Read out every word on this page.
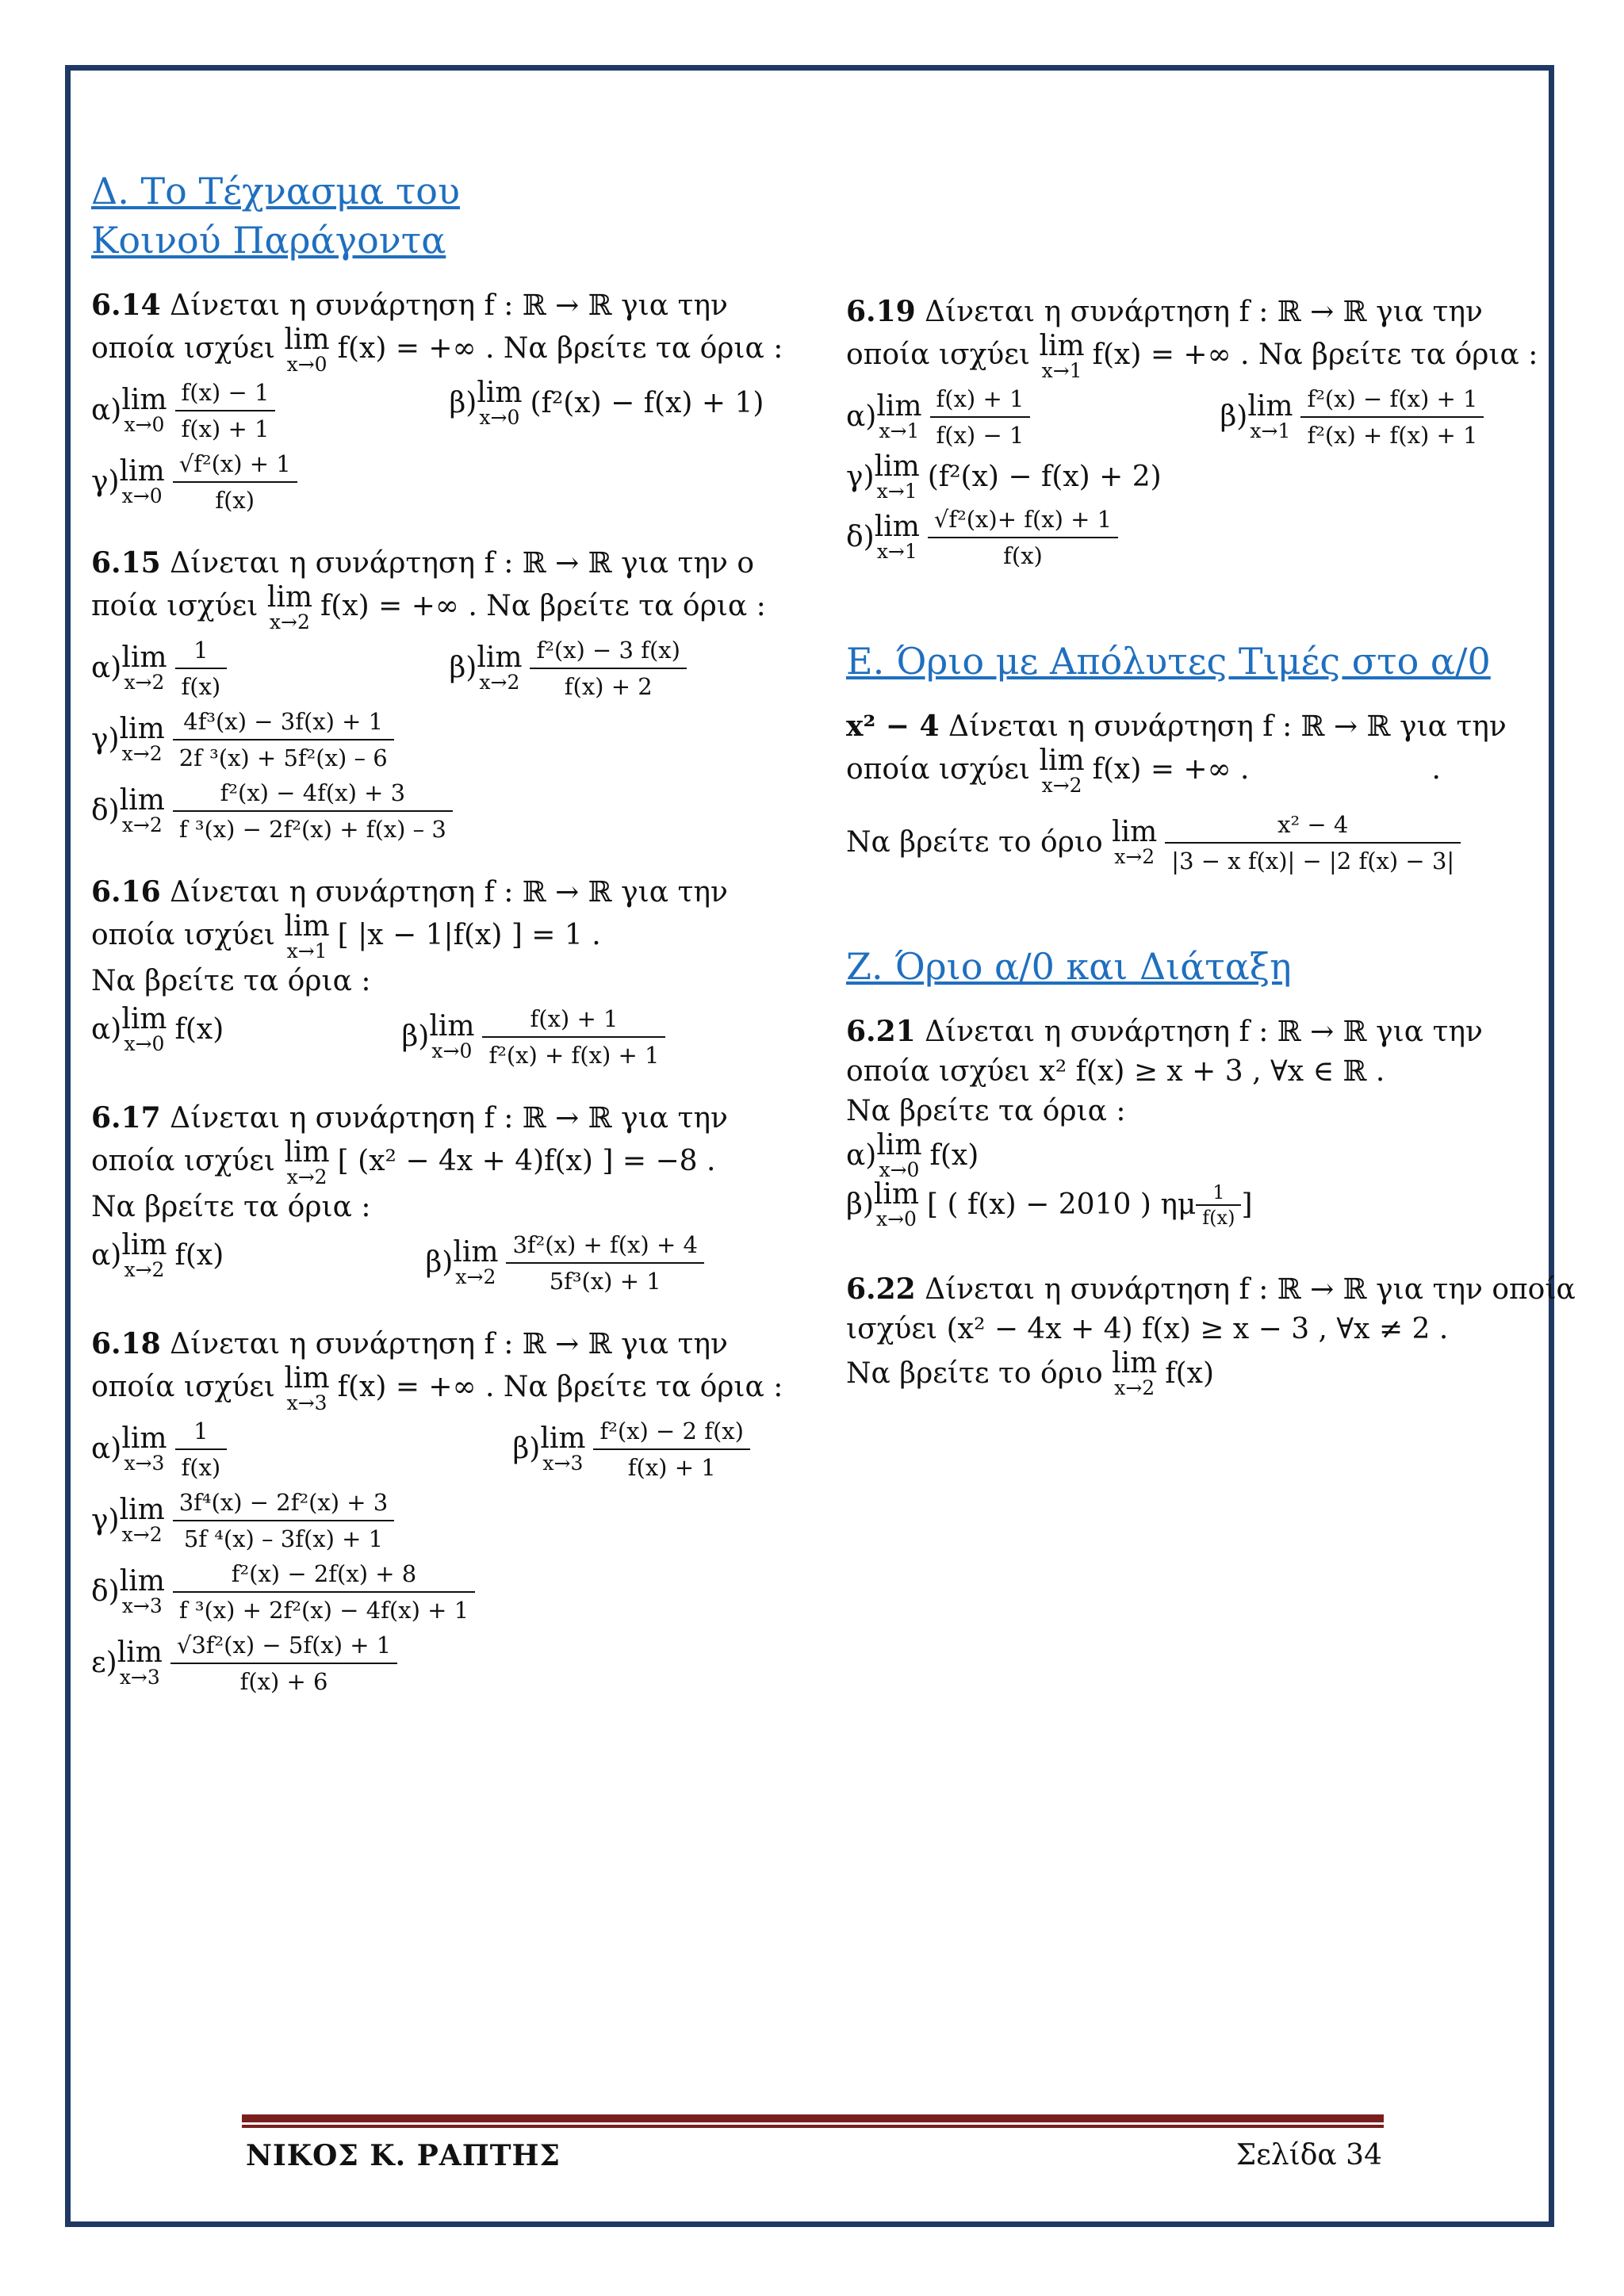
Δ. Το Τέχνασμα του
Κοινού Παράγοντα
6.14 Δίνεται η συνάρτηση f : ℝ → ℝ για την
οποία ισχύει lim
x→0 f(x) = +∞ . Να βρείτε τα όρια :
α) lim
$x\to 0 \frac{f(x) - 1}{f(x) + 1}$	β) lim
x→0 (f²(x) − f(x) + 1)
γ) lim
$x\to 0 \frac{\text{√f²(x) + 1}}{f(x)}$
6.15 Δίνεται η συνάρτηση f : ℝ → ℝ για την ο
ποία ισχύει lim
x→2 f(x) = +∞ . Να βρείτε τα όρια :
α) lim
$x\to 2 \frac{1}{f(x)}$	β) lim
$x\to 2 \frac{\text{f²(x) − 3 f(x)}}{f(x) + 2}$
γ) lim
$x\to 2 \frac{\text{4f³(x) − 3f(x) + 1}}{\text{2f ³(x) + 5f²(x) – 6}}$
δ) lim
$x\to 2 \frac{\text{f²(x) − 4f(x) + 3}}{\text{f ³(x) − 2f²(x) + f(x) – 3}}$
6.16 Δίνεται η συνάρτηση f : ℝ → ℝ για την
οποία ισχύει lim
x→1 [ |x − 1|f(x) ] = 1 .
Να βρείτε τα όρια :
α) lim
x→0 f(x)	β) lim
$x\to 0 \frac{f(x) + 1}{\text{f²(x) + f(x) + 1}}$
6.17 Δίνεται η συνάρτηση f : ℝ → ℝ για την
οποία ισχύει lim
x→2 [ (x² − 4x + 4)f(x) ] = −8 .
Να βρείτε τα όρια :
α) lim
x→2 f(x)	β) lim
$x\to 2 \frac{\text{3f²(x) + f(x) + 4}}{\text{5f³(x) + 1}}$
6.18 Δίνεται η συνάρτηση f : ℝ → ℝ για την
οποία ισχύει lim
x→3 f(x) = +∞ . Να βρείτε τα όρια :
α) lim
$x\to 3 \frac{1}{f(x)}$	β) lim
$x\to 3 \frac{\text{f²(x) − 2 f(x)}}{f(x) + 1}$
γ) lim
$x\to 2 \frac{\text{3f⁴(x) − 2f²(x) + 3}}{\text{5f ⁴(x) – 3f(x) + 1}}$
δ) lim
$x\to 3 \frac{\text{f²(x) − 2f(x) + 8}}{\text{f ³(x) + 2f²(x) − 4f(x) + 1}}$
ε) lim
$x\to 3 \frac{\text{√3f²(x) − 5f(x) + 1}}{f(x) + 6}$
6.19 Δίνεται η συνάρτηση f : ℝ → ℝ για την
οποία ισχύει lim
x→1 f(x) = +∞ . Να βρείτε τα όρια :
α) lim
$x\to 1 \frac{f(x) + 1}{f(x) - 1}$	β) lim
$x\to 1 \frac{\text{f²(x) − f(x) + 1}}{\text{f²(x) + f(x) + 1}}$
γ) lim
x→1 (f²(x) − f(x) + 2)
δ) lim
$x\to 1 \frac{\text{√f²(x)+ f(x) + 1}}{f(x)}$
Ε. Όριο με Απόλυτες Τιμές στο α/0
x² − 4 Δίνεται η συνάρτηση f : ℝ → ℝ για την
οποία ισχύει lim
x→2 f(x) = +∞ .	.
Να βρείτε το όριο lim
$x\to 2 \frac{\text{x² − 4}}{\text{|3 − x f(x)| − |2 f(x) − 3|}}$
Ζ. Όριο α/0 και Διάταξη
6.21 Δίνεται η συνάρτηση f : ℝ → ℝ για την
οποία ισχύει x² f(x) ≥ x + 3 , ∀x ∈ ℝ .
Να βρείτε τα όρια :
α) lim
x→0 f(x)
β) lim
x→0 [ ( f(x) − 2010 ) ημ $\frac{1}{f(x)}$ ]
6.22 Δίνεται η συνάρτηση f : ℝ → ℝ για την οποία
ισχύει (x² − 4x + 4) f(x) ≥ x − 3 , ∀x ≠ 2 .
Να βρείτε το όριο lim
x→2 f(x)
ΝΙΚΟΣ Κ. ΡΑΠΤΗΣ	Σελίδα 34
